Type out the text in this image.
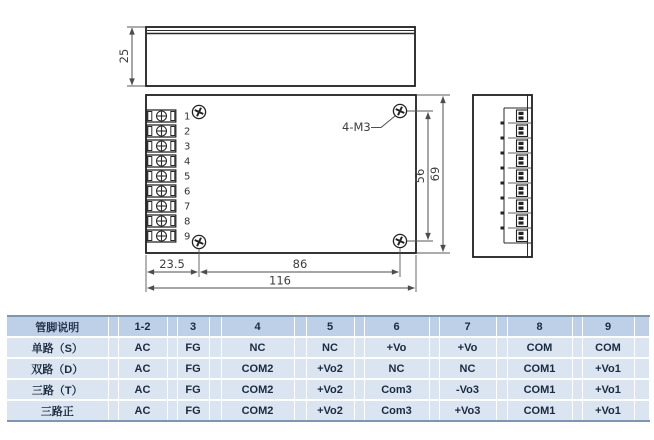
25
1
2
3
4
5
6
7
8
9
4-M3
56 69
23.5	86
116
管脚说明		1-2		3		4		5		6		7		8		9	
单路（S）		AC		FG		NC		NC		+Vo		+Vo		COM		COM	
双路（D）		AC		FG		COM2		+Vo2		NC		NC		COM1		+Vo1	
三路（T）		AC		FG		COM2		+Vo2		Com3		-Vo3		COM1		+Vo1	
三路正		AC		FG		COM2		+Vo2		Com3		+Vo3		COM1		+Vo1	
